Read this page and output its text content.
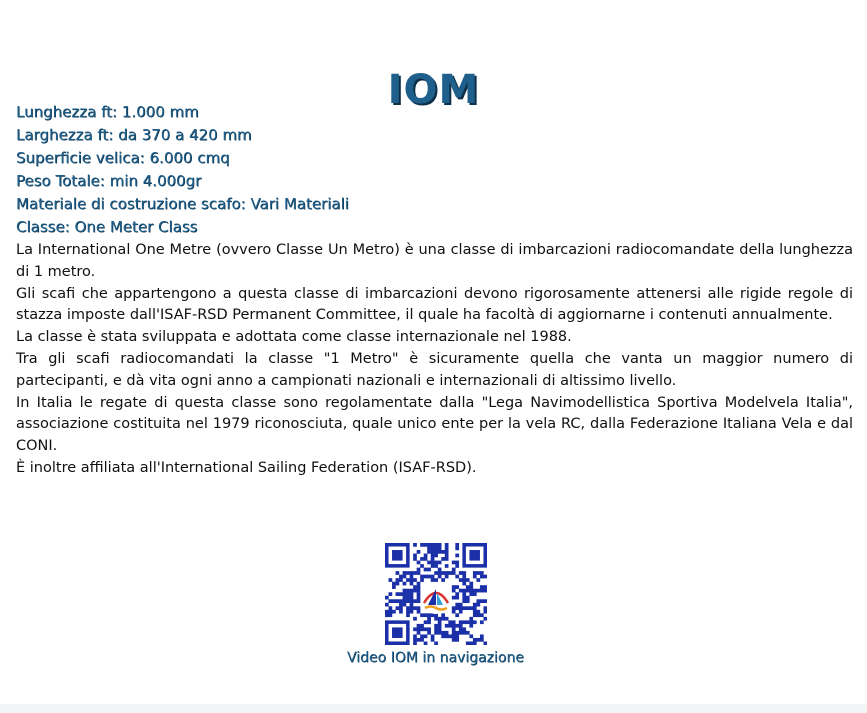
IOM
Lunghezza ft: 1.000 mm
Larghezza ft: da 370 a 420 mm
Superficie velica: 6.000 cmq
Peso Totale: min 4.000gr
Materiale di costruzione scafo: Vari Materiali
Classe: One Meter Class

La International One Metre (ovvero Classe Un Metro) è una classe di imbarcazioni radiocomandate della lunghezza di 1 metro.

Gli scafi che appartengono a questa classe di imbarcazioni devono rigorosamente attenersi alle rigide regole di stazza imposte dall'ISAF-RSD Permanent Committee, il quale ha facoltà di aggiornarne i contenuti annualmente.

La classe è stata sviluppata e adottata come classe internazionale nel 1988.

Tra gli scafi radiocomandati la classe "1 Metro" è sicuramente quella che vanta un maggior numero di partecipanti, e dà vita ogni anno a campionati nazionali e internazionali di altissimo livello.

In Italia le regate di questa classe sono regolamentate dalla "Lega Navimodellistica Sportiva Modelvela Italia", associazione costituita nel 1979 riconosciuta, quale unico ente per la vela RC, dalla Federazione Italiana Vela e dal CONI.

È inoltre affiliata all'International Sailing Federation (ISAF-RSD).

Video IOM in navigazione
